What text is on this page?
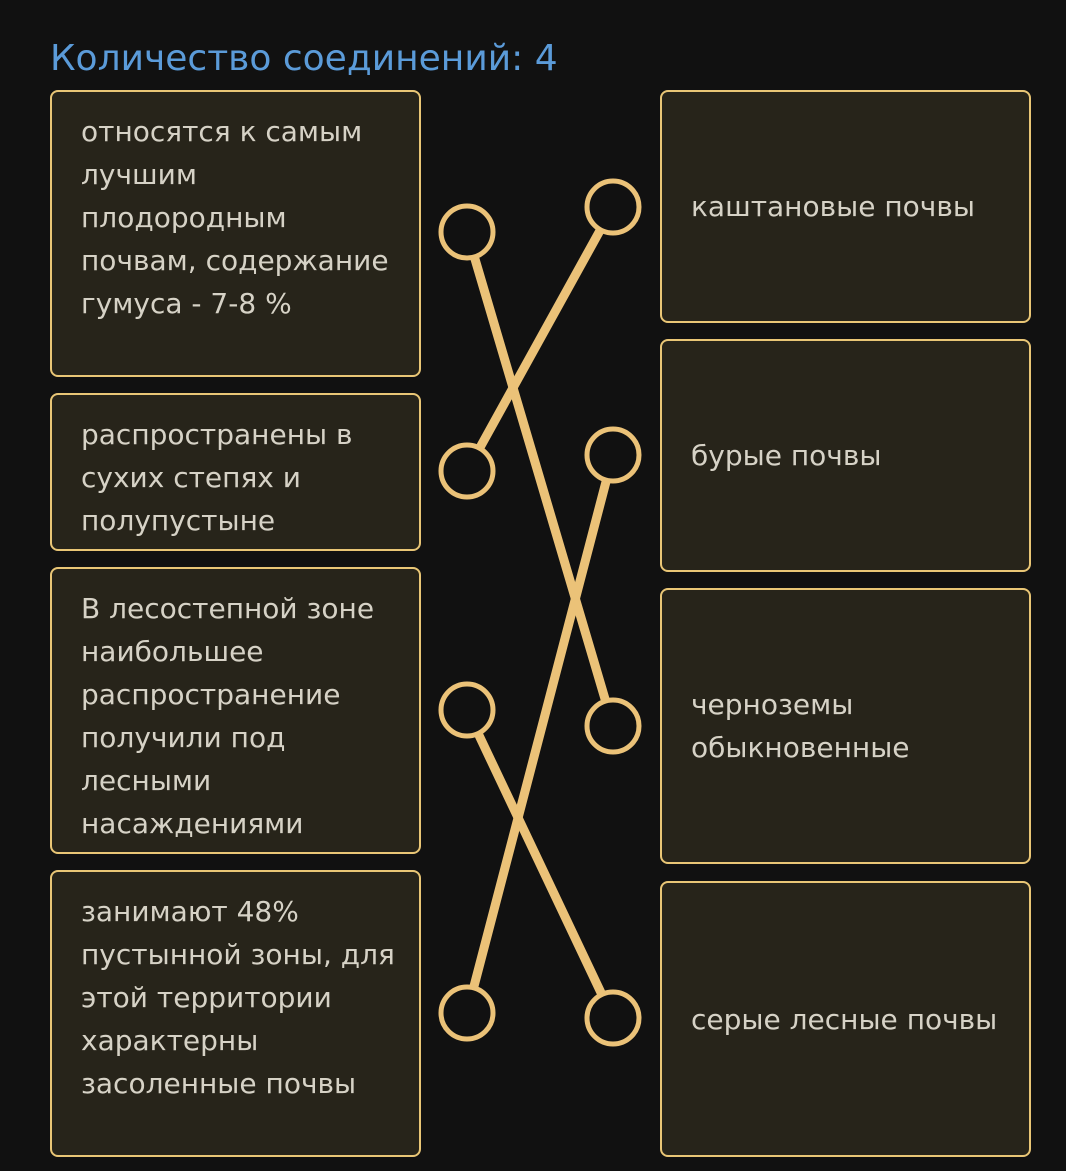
Количество соединений: 4
относятся к самым лучшим плодородным почвам, содержание гумуса - 7-8 %
распространены в сухих степях и полупустыне
В лесостепной зоне наибольшее распространение получили под лесными насаждениями
занимают 48% пустынной зоны, для этой территории характерны засоленные почвы
каштановые почвы
бурые почвы
черноземы обыкновенные
серые лесные почвы
